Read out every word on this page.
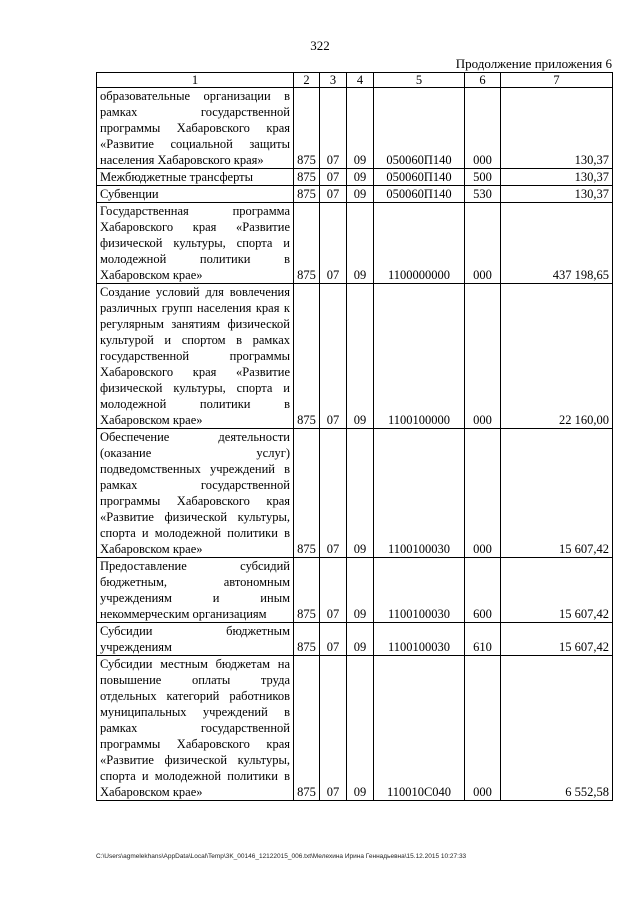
322
Продолжение приложения 6
1	2	3	4	5	6	7
образовательные организации в рамках государственной программы Хабаровского края «Развитие социальной защиты населения Хабаровского края»	875	07	09	050060П140	000	130,37
Межбюджетные трансферты	875	07	09	050060П140	500	130,37
Субвенции	875	07	09	050060П140	530	130,37
Государственная программа Хабаровского края «Развитие физической культуры, спорта и молодежной политики в Хабаровском крае»	875	07	09	1100000000	000	437 198,65
Создание условий для вовлечения различных групп населения края к регулярным занятиям физической культурой и спортом в рамках государственной программы Хабаровского края «Развитие физической культуры, спорта и молодежной политики в Хабаровском крае»	875	07	09	1100100000	000	22 160,00
Обеспечение деятельности (оказание услуг) подведомственных учреждений в рамках государственной программы Хабаровского края «Развитие физической культуры, спорта и молодежной политики в Хабаровском крае»	875	07	09	1100100030	000	15 607,42
Предоставление субсидий бюджетным, автономным учреждениям и иным некоммерческим организациям	875	07	09	1100100030	600	15 607,42
Субсидии бюджетным учреждениям	875	07	09	1100100030	610	15 607,42
Субсидии местным бюджетам на повышение оплаты труда отдельных категорий работников муниципальных учреждений в рамках государственной программы Хабаровского края «Развитие физической культуры, спорта и молодежной политики в Хабаровском крае»	875	07	09	110010С040	000	6 552,58
C:\Users\agmelekhans\AppData\Local\Temp\3K_00146_12122015_006.txt\Мелехина Ирина Геннадьевна\15.12.2015 10:27:33
